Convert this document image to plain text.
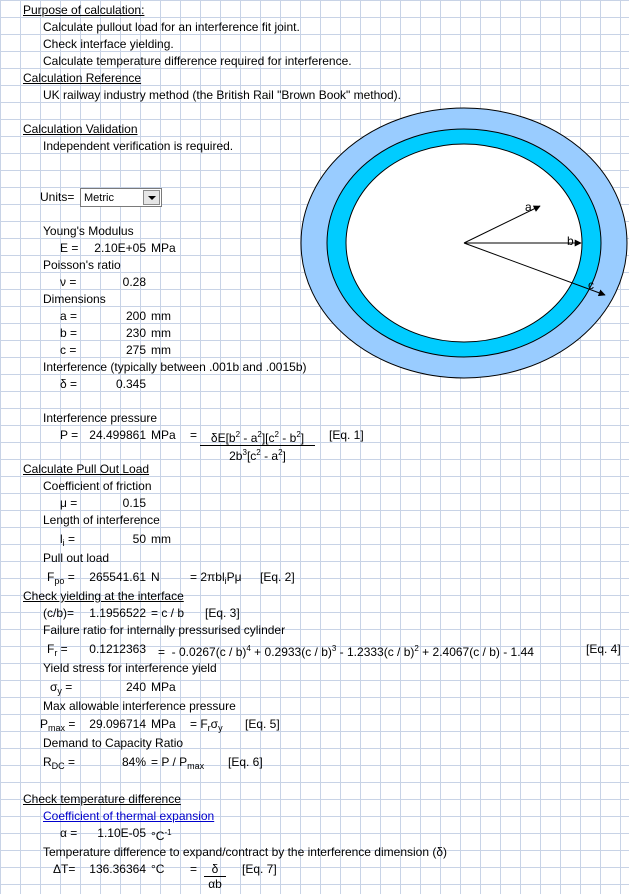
Purpose of calculation:
Calculate pullout load for an interference fit joint.
Check interface yielding.
Calculate temperature difference required for interference.
Calculation Reference
UK railway industry method (the British Rail "Brown Book" method).
Calculation Validation
Independent verification is required.
Units= Metric
Young's Modulus
E =	2.10E+05 MPa
Poisson's ratio
ν =	0.28
Dimensions
a =	200 mm
b =	230 mm
c =	275 mm
Interference (typically between .001b and .0015b)
δ =	0.345
Interference pressure
P = 24.499861 MPa = $\frac{\delta E[b^2 - a^2][c^2 - b^2]}{2b^3[c^2 - a^2]} [Eq$. 1]
Calculate Pull Out Load
Coefficient of friction
μ =	0.15
Length of interference
$l_i$ =	50 mm
Pull out load
$F_{po}$ =	265541.61 N	= 2πbl$_i$Pμ [Eq. 2]
Check yielding at the interface
(c/b)=	1.1956522 = c / b [Eq. 3]
Failure ratio for internally pressurised cylinder
$F_r$ =	0.1212363 =  - 0.0267(c / b)$^4$ + 0.2933(c / b)$^3$ - 1.2333(c / b)$^2$ + 2.4067(c / b) - 1.44	[Eq. 4]
Yield stress for interference yield
$\sigma_y$ =	240 MPa
Max allowable interference pressure
$P_{max}$ =	29.096714 MPa = $F_r\sigma_y$ [Eq. 5]
Demand to Capacity Ratio
$R_{DC}$ =	$84\% = P / P_{max}$ [Eq. 6]
Check temperature difference
Coefficient of thermal expansion
α =	1.10E-05 $^\circ C^{-1}$
Temperature difference to expand/contract by the interference dimension (δ)
ΔT=	136.36364 $^\circ C = \frac{\delta}{\alpha b} [Eq$. 7]
a
b
c
